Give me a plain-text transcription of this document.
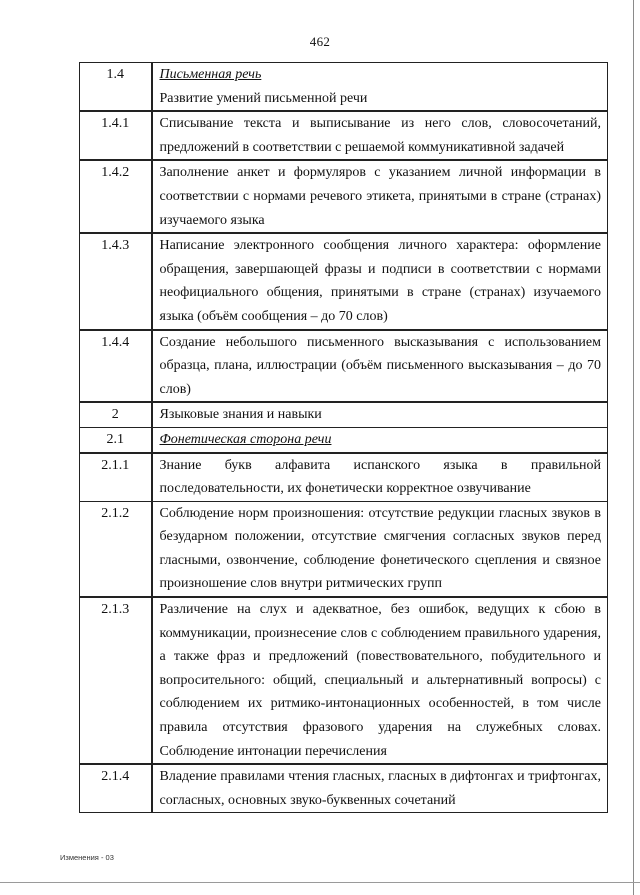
462
1.4	Письменная речь
Развитие умений письменной речи

1.4.1	Списывание текста и выписывание из него слов, словосочетаний, предложений в соответствии с решаемой коммуникативной задачей
1.4.2	Заполнение анкет и формуляров с указанием личной информации в соответствии с нормами речевого этикета, принятыми в стране (странах) изучаемого языка
1.4.3	Написание электронного сообщения личного характера: оформление обращения, завершающей фразы и подписи в соответствии с нормами неофициального общения, принятыми в стране (странах) изучаемого языка (объём сообщения – до 70 слов)
1.4.4	Создание небольшого письменного высказывания с использованием образца, плана, иллюстрации (объём письменного высказывания – до 70 слов)
2	Языковые знания и навыки
2.1	Фонетическая сторона речи

2.1.1	Знание букв алфавита испанского языка в правильной последовательности, их фонетически корректное озвучивание
2.1.2	Соблюдение норм произношения: отсутствие редукции гласных звуков в безударном положении, отсутствие смягчения согласных звуков перед гласными, озвончение, соблюдение фонетического сцепления и связное произношение слов внутри ритмических групп
2.1.3	Различение на слух и адекватное, без ошибок, ведущих к сбою в коммуникации, произнесение слов с соблюдением правильного ударения, а также фраз и предложений (повествовательного, побудительного и вопросительного: общий, специальный и альтернативный вопросы) с соблюдением их ритмико-интонационных особенностей, в том числе правила отсутствия фразового ударения на служебных словах. Соблюдение интонации перечисления
2.1.4	Владение правилами чтения гласных, гласных в дифтонгах и трифтонгах, согласных, основных звуко-буквенных сочетаний
Изменения - 03
